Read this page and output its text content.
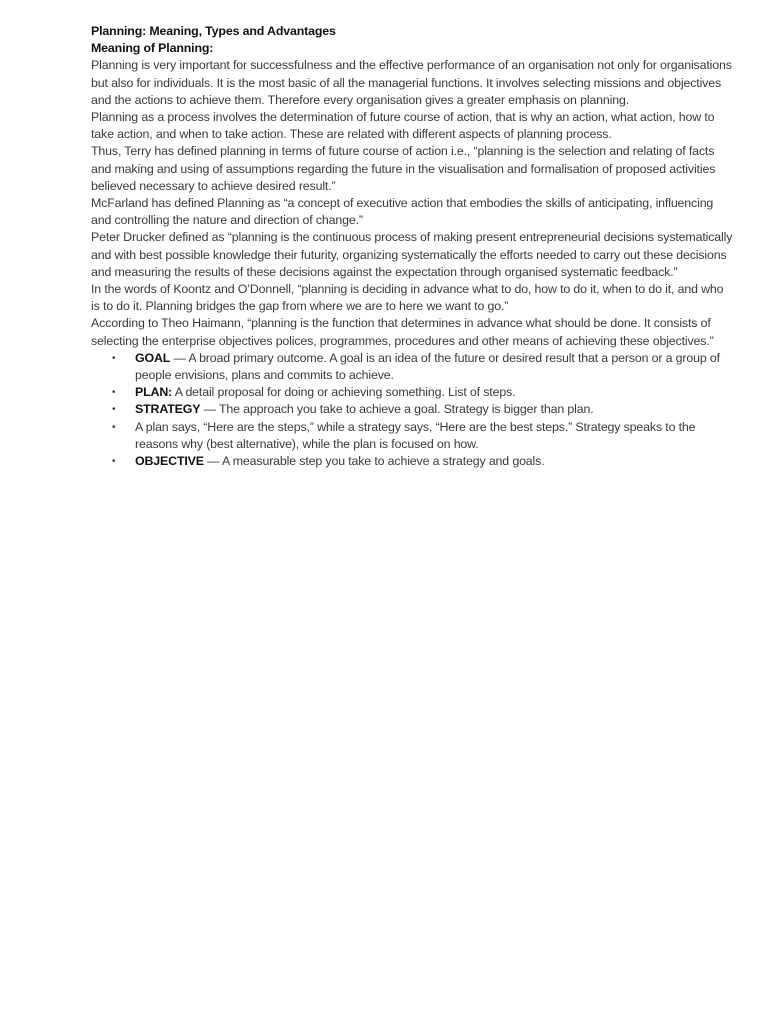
Planning: Meaning, Types and Advantages

Meaning of Planning:

Planning is very important for successfulness and the effective performance of an organisation not only for organisations but also for individuals. It is the most basic of all the managerial functions. It involves selecting missions and objectives and the actions to achieve them. Therefore every organisation gives a greater emphasis on planning.

Planning as a process involves the determination of future course of action, that is why an action, what action, how to take action, and when to take action. These are related with different aspects of planning process.

Thus, Terry has defined planning in terms of future course of action i.e., “planning is the selection and relating of facts and making and using of assumptions regarding the future in the visualisation and formalisation of proposed activities believed necessary to achieve desired result.”

McFarland has defined Planning as “a concept of executive action that embodies the skills of anticipating, influencing and controlling the nature and direction of change.”

Peter Drucker defined as “planning is the continuous process of making present entrepreneurial decisions systematically and with best possible knowledge their futurity, organizing systematically the efforts needed to carry out these decisions and measuring the results of these decisions against the expectation through organised systematic feedback.”

In the words of Koontz and O’Donnell, “planning is deciding in advance what to do, how to do it, when to do it, and who is to do it. Planning bridges the gap from where we are to here we want to go.”

According to Theo Haimann, “planning is the function that determines in advance what should be done. It consists of selecting the enterprise objectives polices, programmes, procedures and other means of achieving these objectives.”

• GOAL — A broad primary outcome. A goal is an idea of the future or desired result that a person or a group of people envisions, plans and commits to achieve.
• PLAN: A detail proposal for doing or achieving something. List of steps.
• STRATEGY — The approach you take to achieve a goal. Strategy is bigger than plan.
• A plan says, “Here are the steps,” while a strategy says, “Here are the best steps.” Strategy speaks to the reasons why (best alternative), while the plan is focused on how.
• OBJECTIVE — A measurable step you take to achieve a strategy and goals.
